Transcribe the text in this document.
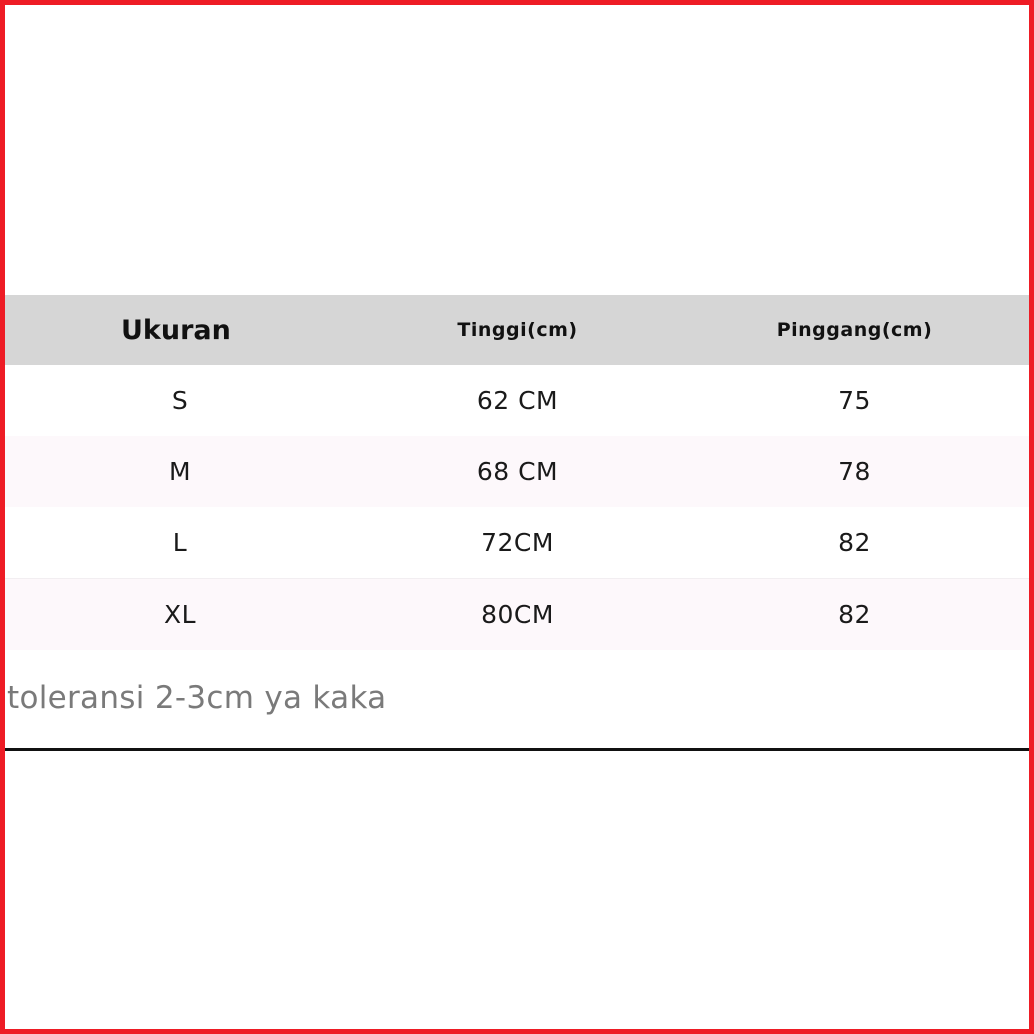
Ukuran	Tinggi(cm)	Pinggang(cm)
S	62 CM	75
M	68 CM	78
L	72CM	82
XL	80CM	82
toleransi 2-3cm ya kaka
